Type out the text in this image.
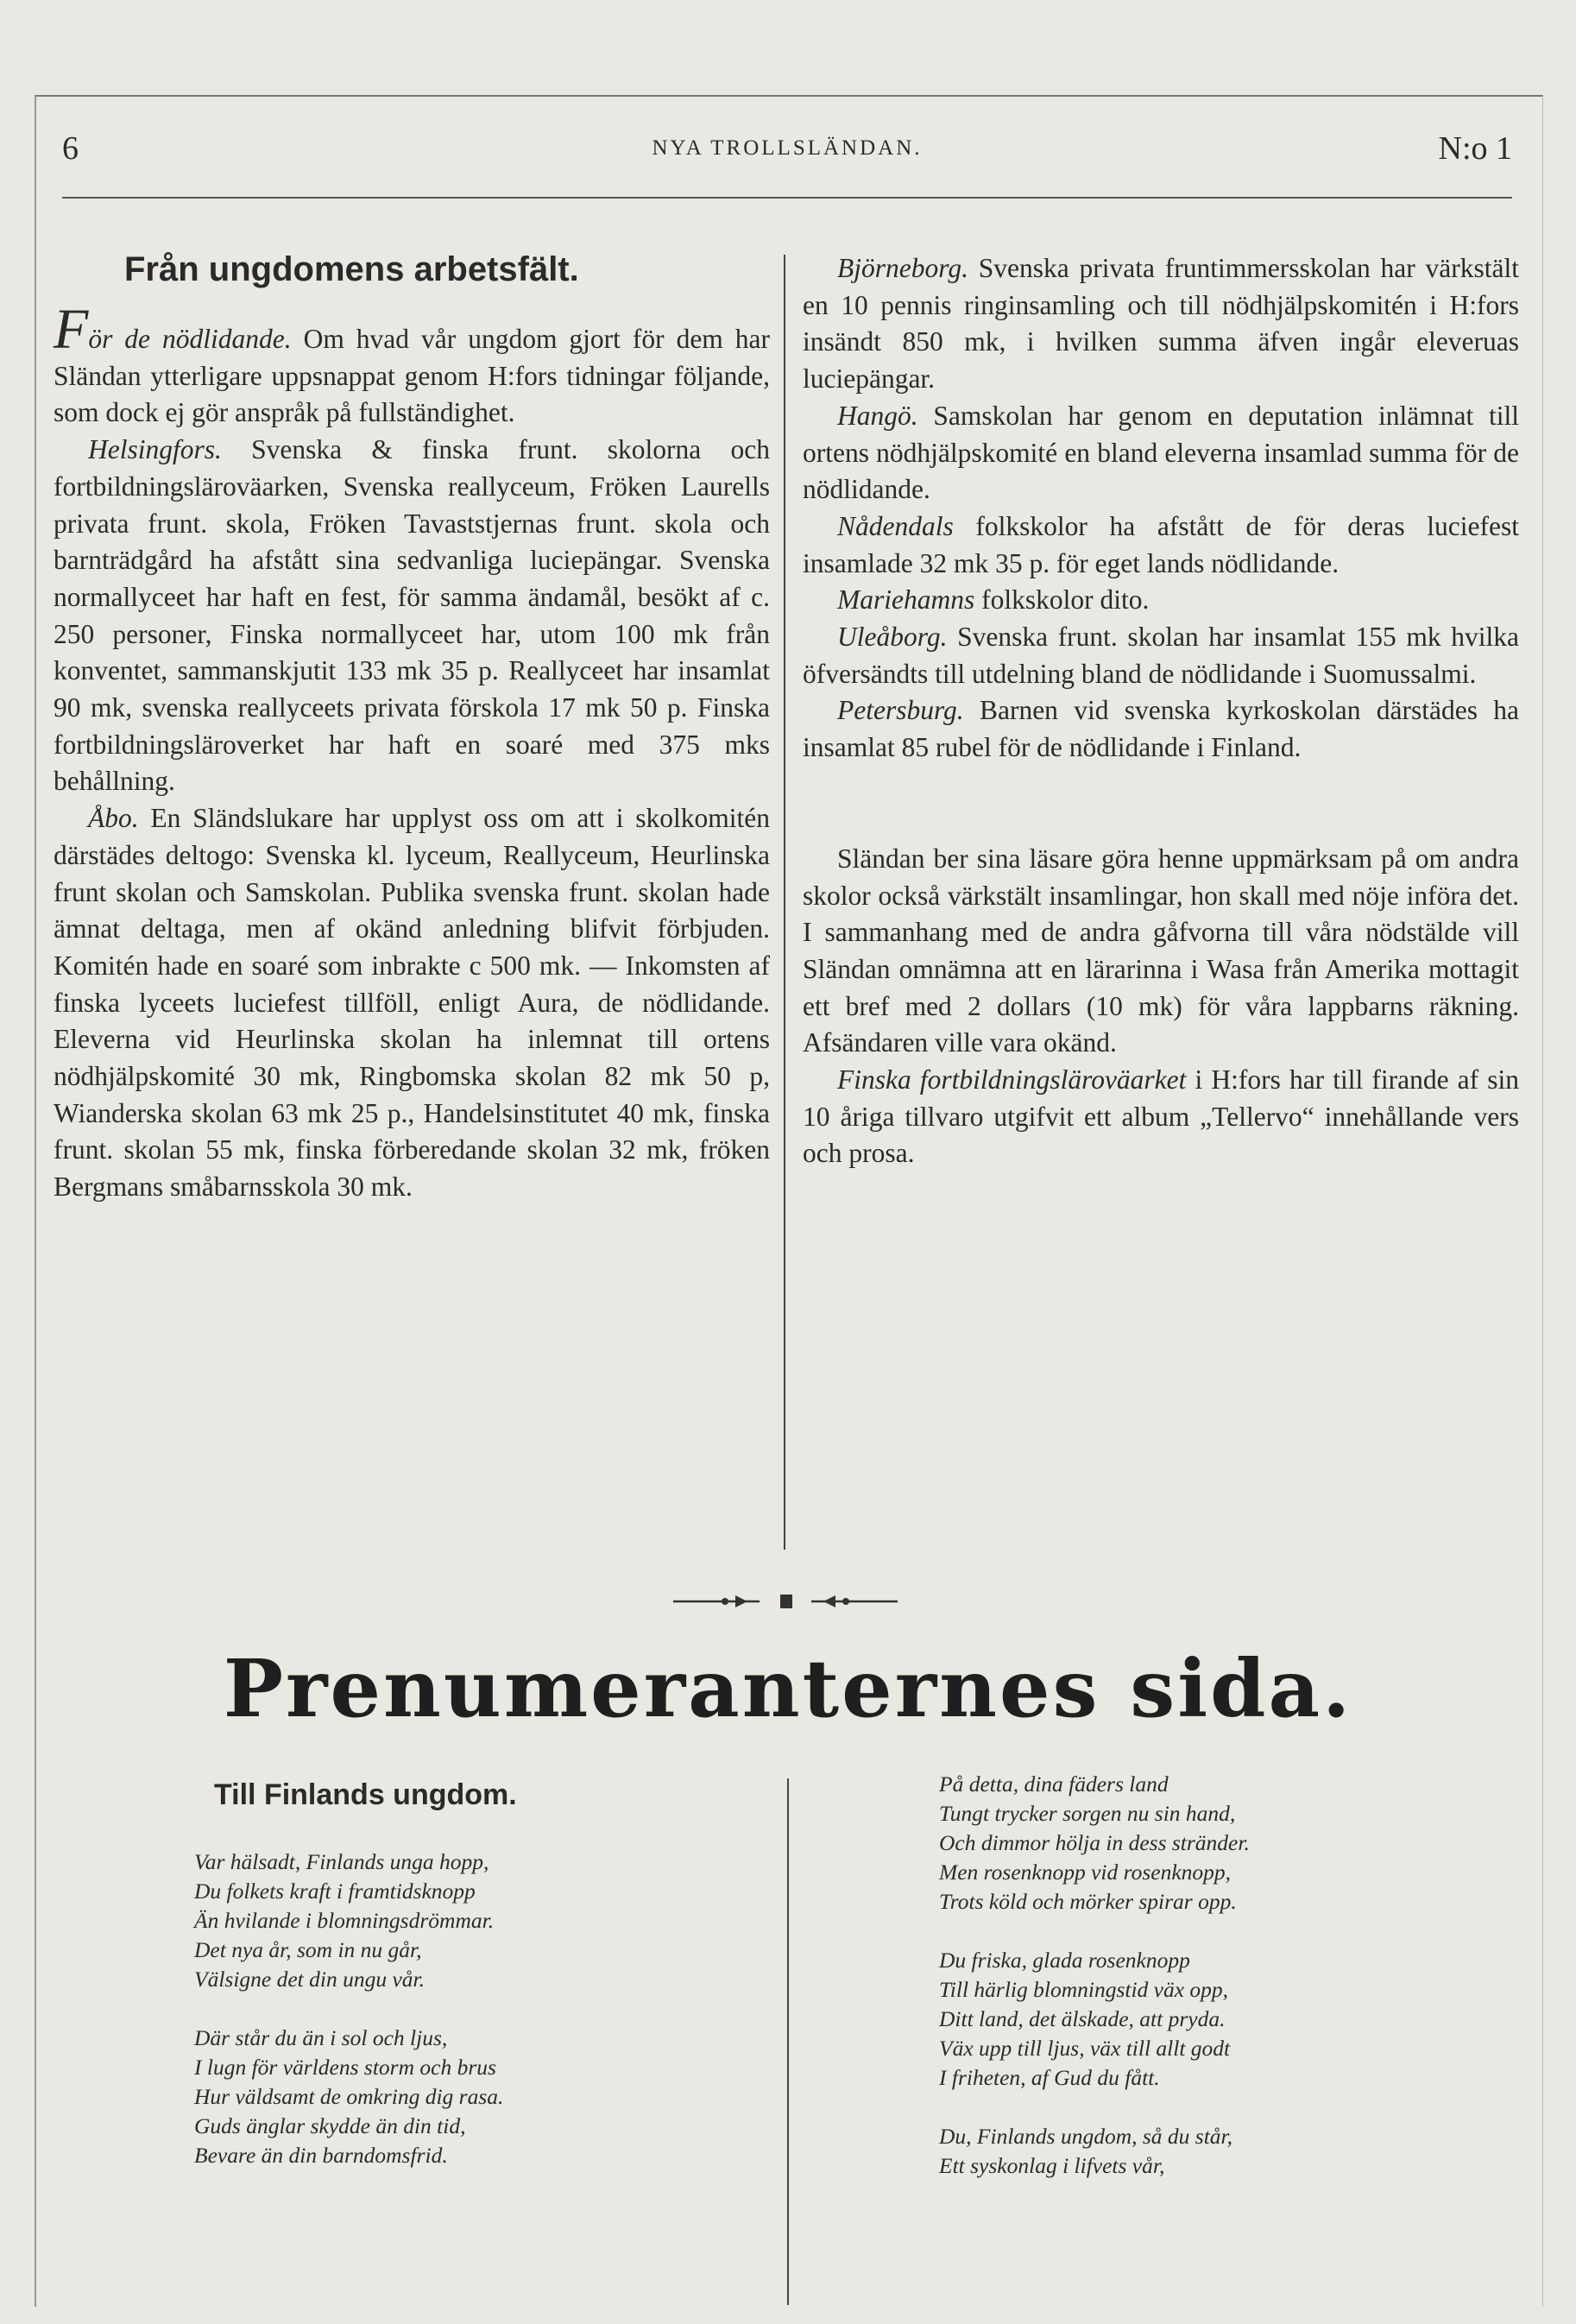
6	NYA TROLLSLÄNDAN.	N:o 1
Från ungdomens arbetsfält.

För de nödlidande. Om hvad vår ungdom gjort för dem har Sländan ytterligare uppsnappat genom H:fors tidningar följande, som dock ej gör anspråk på fullständighet.

Helsingfors. Svenska & finska frunt. skolorna och fortbildningsläroväarken, Svenska reallyceum, Fröken Laurells privata frunt. skola, Fröken Tavaststjernas frunt. skola och barnträdgård ha afstått sina sedvanliga luciepängar. Svenska normallyceet har haft en fest, för samma ändamål, besökt af c. 250 personer, Finska normallyceet har, utom 100 mk från konventet, sammanskjutit 133 mk 35 p. Reallyceet har insamlat 90 mk, svenska reallyceets privata förskola 17 mk 50 p. Finska fortbildningsläroverket har haft en soaré med 375 mks behållning.

Åbo. En Sländslukare har upplyst oss om att i skolkomitén därstädes deltogo: Svenska kl. lyceum, Reallyceum, Heurlinska frunt skolan och Samskolan. Publika svenska frunt. skolan hade ämnat deltaga, men af okänd anledning blifvit förbjuden. Komitén hade en soaré som inbrakte c 500 mk. — Inkomsten af finska lyceets luciefest tillföll, enligt Aura, de nödlidande. Eleverna vid Heurlinska skolan ha inlemnat till ortens nödhjälpskomité 30 mk, Ringbomska skolan 82 mk 50 p, Wianderska skolan 63 mk 25 p., Handelsinstitutet 40 mk, finska frunt. skolan 55 mk, finska förberedande skolan 32 mk, fröken Bergmans småbarnsskola 30 mk.

Björneborg. Svenska privata fruntimmersskolan har värkstält en 10 pennis ringinsamling och till nödhjälpskomitén i H:fors insändt 850 mk, i hvilken summa äfven ingår eleveruas luciepängar.

Hangö. Samskolan har genom en deputation inlämnat till ortens nödhjälpskomité en bland eleverna insamlad summa för de nödlidande.

Nådendals folkskolor ha afstått de för deras luciefest insamlade 32 mk 35 p. för eget lands nödlidande.

Mariehamns folkskolor dito.

Uleåborg. Svenska frunt. skolan har insamlat 155 mk hvilka öfversändts till utdelning bland de nödlidande i Suomussalmi.

Petersburg. Barnen vid svenska kyrkoskolan därstädes ha insamlat 85 rubel för de nödlidande i Finland.

Sländan ber sina läsare göra henne uppmärksam på om andra skolor också värkstält insamlingar, hon skall med nöje införa det. I sammanhang med de andra gåfvorna till våra nödstälde vill Sländan omnämna att en lärarinna i Wasa från Amerika mottagit ett bref med 2 dollars (10 mk) för våra lappbarns räkning. Afsändaren ville vara okänd.

Finska fortbildningsläroväarket i H:fors har till firande af sin 10 åriga tillvaro utgifvit ett album „Tellervo“ innehållande vers och prosa.

Prenumeranternes sida.
Till Finlands ungdom.
Var hälsadt, Finlands unga hopp,
Du folkets kraft i framtidsknopp
Än hvilande i blomningsdrömmar.
Det nya år, som in nu går,
Välsigne det din ungu vår.
Där står du än i sol och ljus,
I lugn för världens storm och brus
Hur väldsamt de omkring dig rasa.
Guds änglar skydde än din tid,
Bevare än din barndomsfrid.
På detta, dina fäders land
Tungt trycker sorgen nu sin hand,
Och dimmor hölja in dess stränder.
Men rosenknopp vid rosenknopp,
Trots köld och mörker spirar opp.
Du friska, glada rosenknopp
Till härlig blomningstid väx opp,
Ditt land, det älskade, att pryda.
Väx upp till ljus, väx till allt godt
I friheten, af Gud du fått.
Du, Finlands ungdom, så du står,
Ett syskonlag i lifvets vår,
